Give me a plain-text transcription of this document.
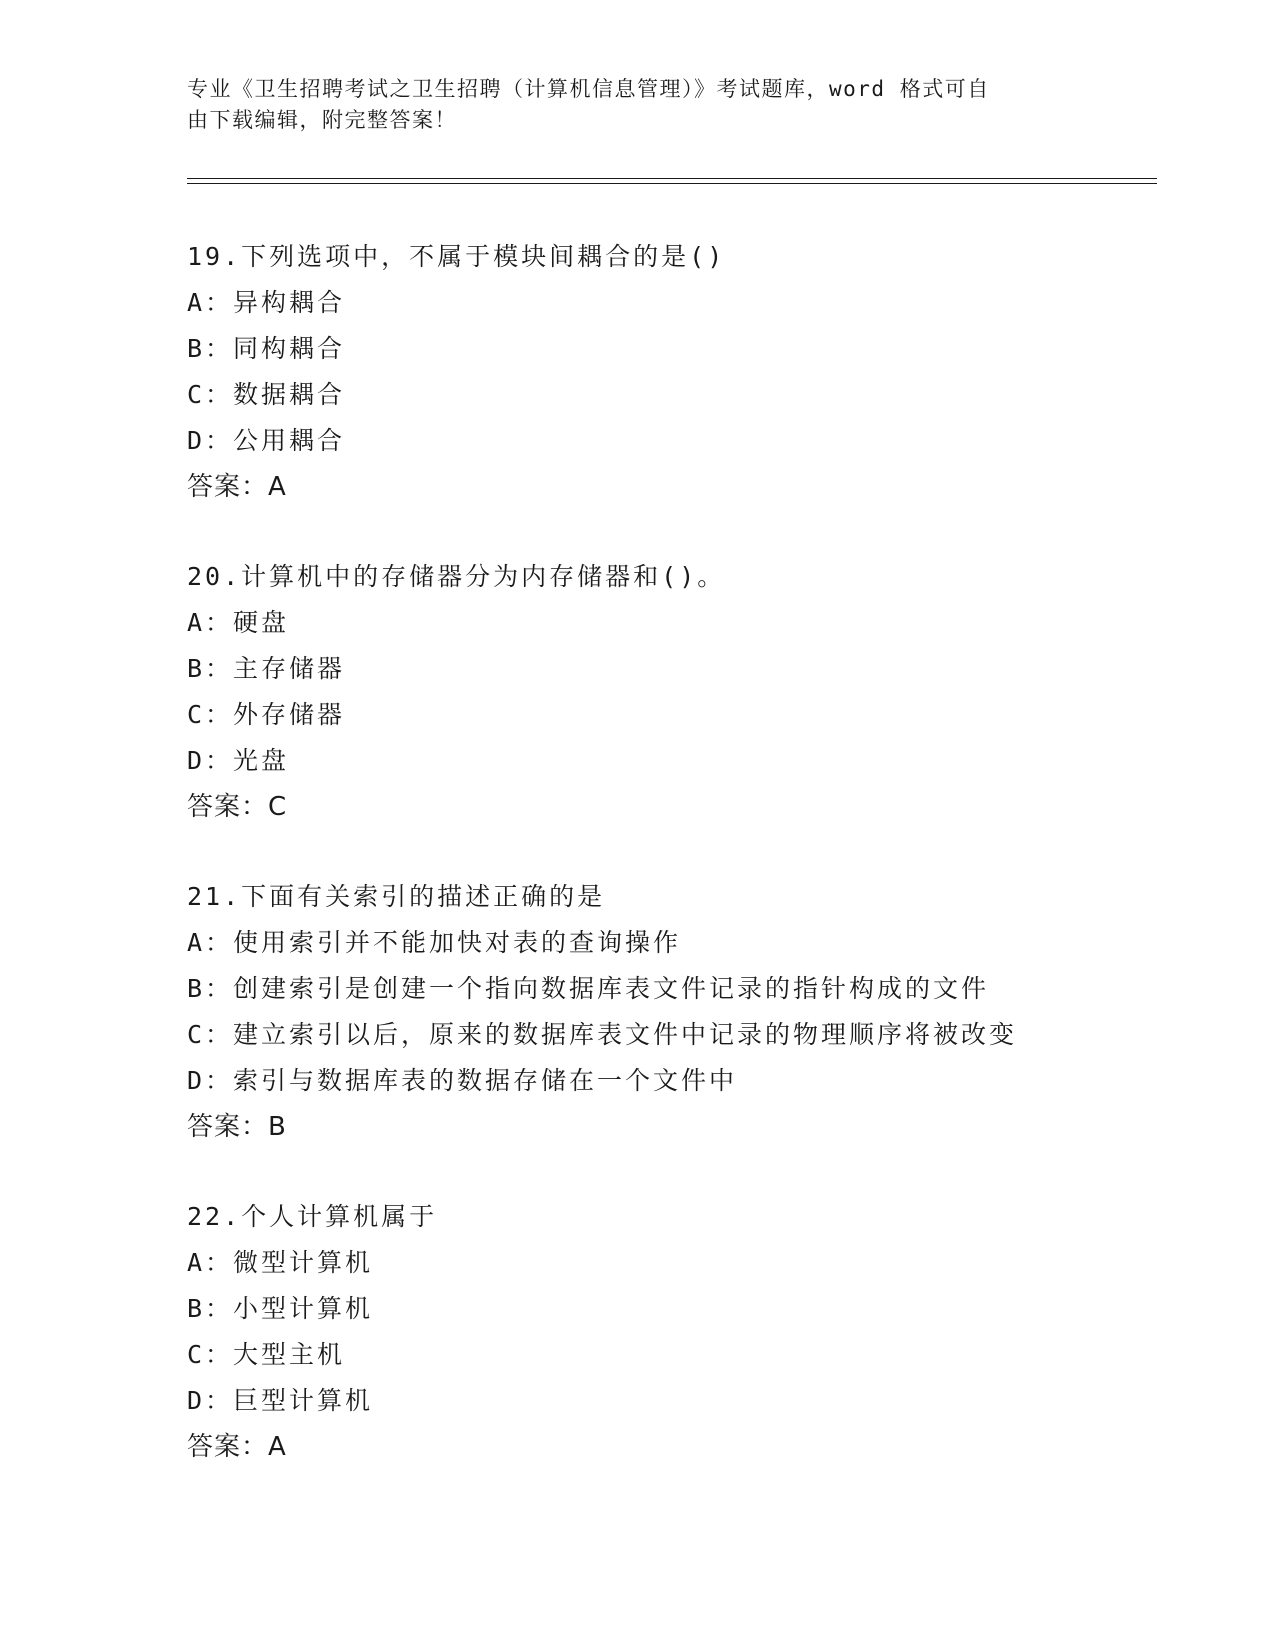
专业《卫生招聘考试之卫生招聘（计算机信息管理）》考试题库，word 格式可自
由下载编辑，附完整答案！
19.下列选项中，不属于模块间耦合的是()
A：异构耦合
B：同构耦合
C：数据耦合
D：公用耦合
答案：A
20.计算机中的存储器分为内存储器和()。
A：硬盘
B：主存储器
C：外存储器
D：光盘
答案：C
21.下面有关索引的描述正确的是
A：使用索引并不能加快对表的查询操作
B：创建索引是创建一个指向数据库表文件记录的指针构成的文件
C：建立索引以后，原来的数据库表文件中记录的物理顺序将被改变
D：索引与数据库表的数据存储在一个文件中
答案：B
22.个人计算机属于
A：微型计算机
B：小型计算机
C：大型主机
D：巨型计算机
答案：A
